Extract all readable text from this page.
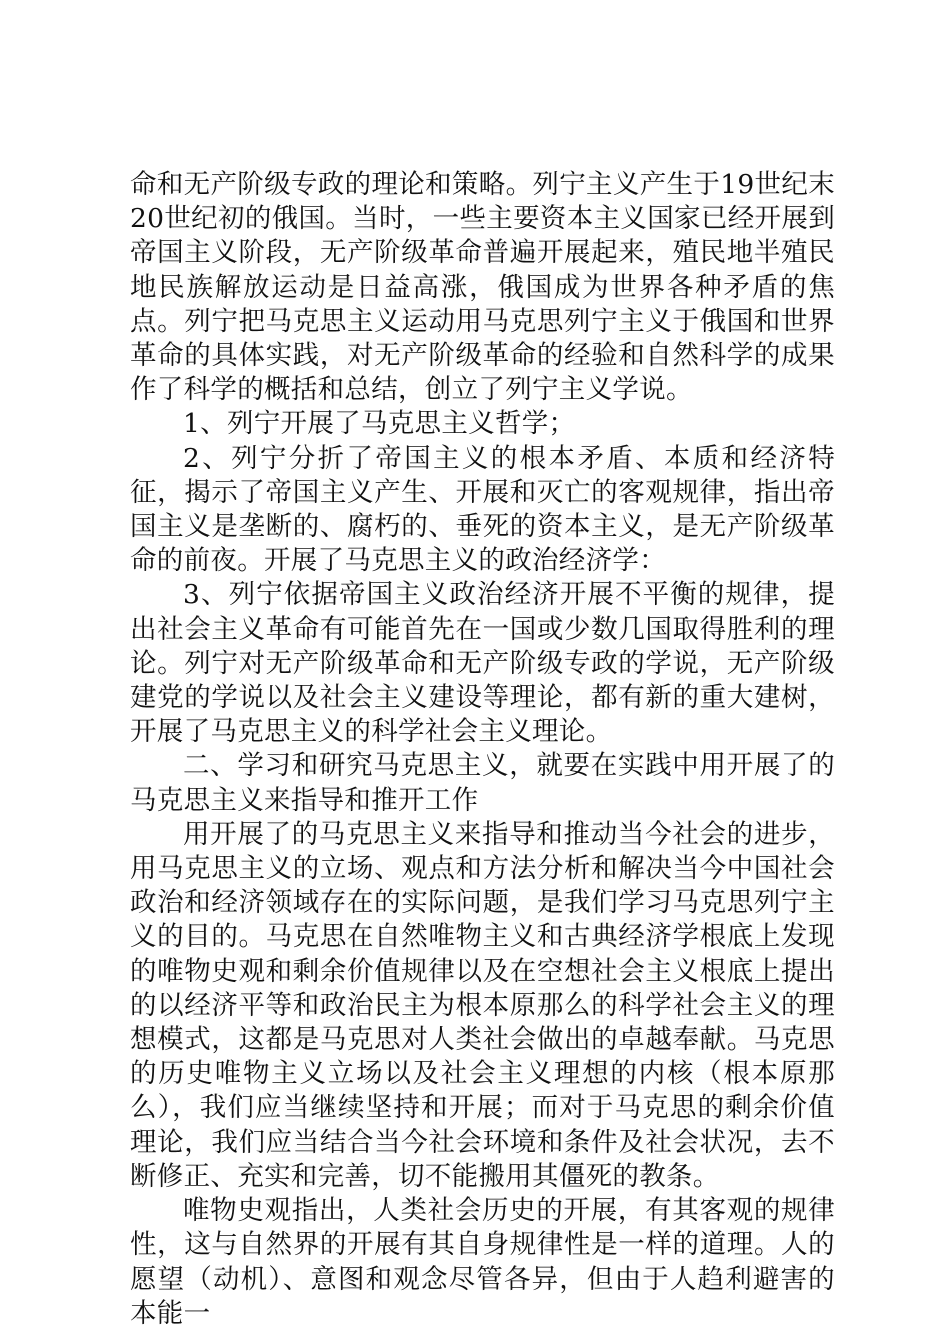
命和无产阶级专政的理论和策略。列宁主义产生于19世纪末20世纪初的俄国。当时，一些主要资本主义国家已经开展到帝国主义阶段，无产阶级革命普遍开展起来，殖民地半殖民地民族解放运动是日益高涨，俄国成为世界各种矛盾的焦点。列宁把马克思主义运动用马克思列宁主义于俄国和世界革命的具体实践，对无产阶级革命的经验和自然科学的成果作了科学的概括和总结，创立了列宁主义学说。

1、列宁开展了马克思主义哲学；

2、列宁分折了帝国主义的根本矛盾、本质和经济特征，揭示了帝国主义产生、开展和灭亡的客观规律，指出帝国主义是垄断的、腐朽的、垂死的资本主义，是无产阶级革命的前夜。开展了马克思主义的政治经济学：

3、列宁依据帝国主义政治经济开展不平衡的规律，提出社会主义革命有可能首先在一国或少数几国取得胜利的理论。列宁对无产阶级革命和无产阶级专政的学说，无产阶级建党的学说以及社会主义建设等理论，都有新的重大建树，开展了马克思主义的科学社会主义理论。

二、学习和研究马克思主义，就要在实践中用开展了的马克思主义来指导和推开工作

用开展了的马克思主义来指导和推动当今社会的进步，用马克思主义的立场、观点和方法分析和解决当今中国社会政治和经济领域存在的实际问题，是我们学习马克思列宁主义的目的。马克思在自然唯物主义和古典经济学根底上发现的唯物史观和剩余价值规律以及在空想社会主义根底上提出的以经济平等和政治民主为根本原那么的科学社会主义的理想模式，这都是马克思对人类社会做出的卓越奉献。马克思的历史唯物主义立场以及社会主义理想的内核（根本原那么），我们应当继续坚持和开展；而对于马克思的剩余价值理论，我们应当结合当今社会环境和条件及社会状况，去不断修正、充实和完善，切不能搬用其僵死的教条。

唯物史观指出，人类社会历史的开展，有其客观的规律性，这与自然界的开展有其自身规律性是一样的道理。人的愿望（动机）、意图和观念尽管各异，但由于人趋利避害的本能一
